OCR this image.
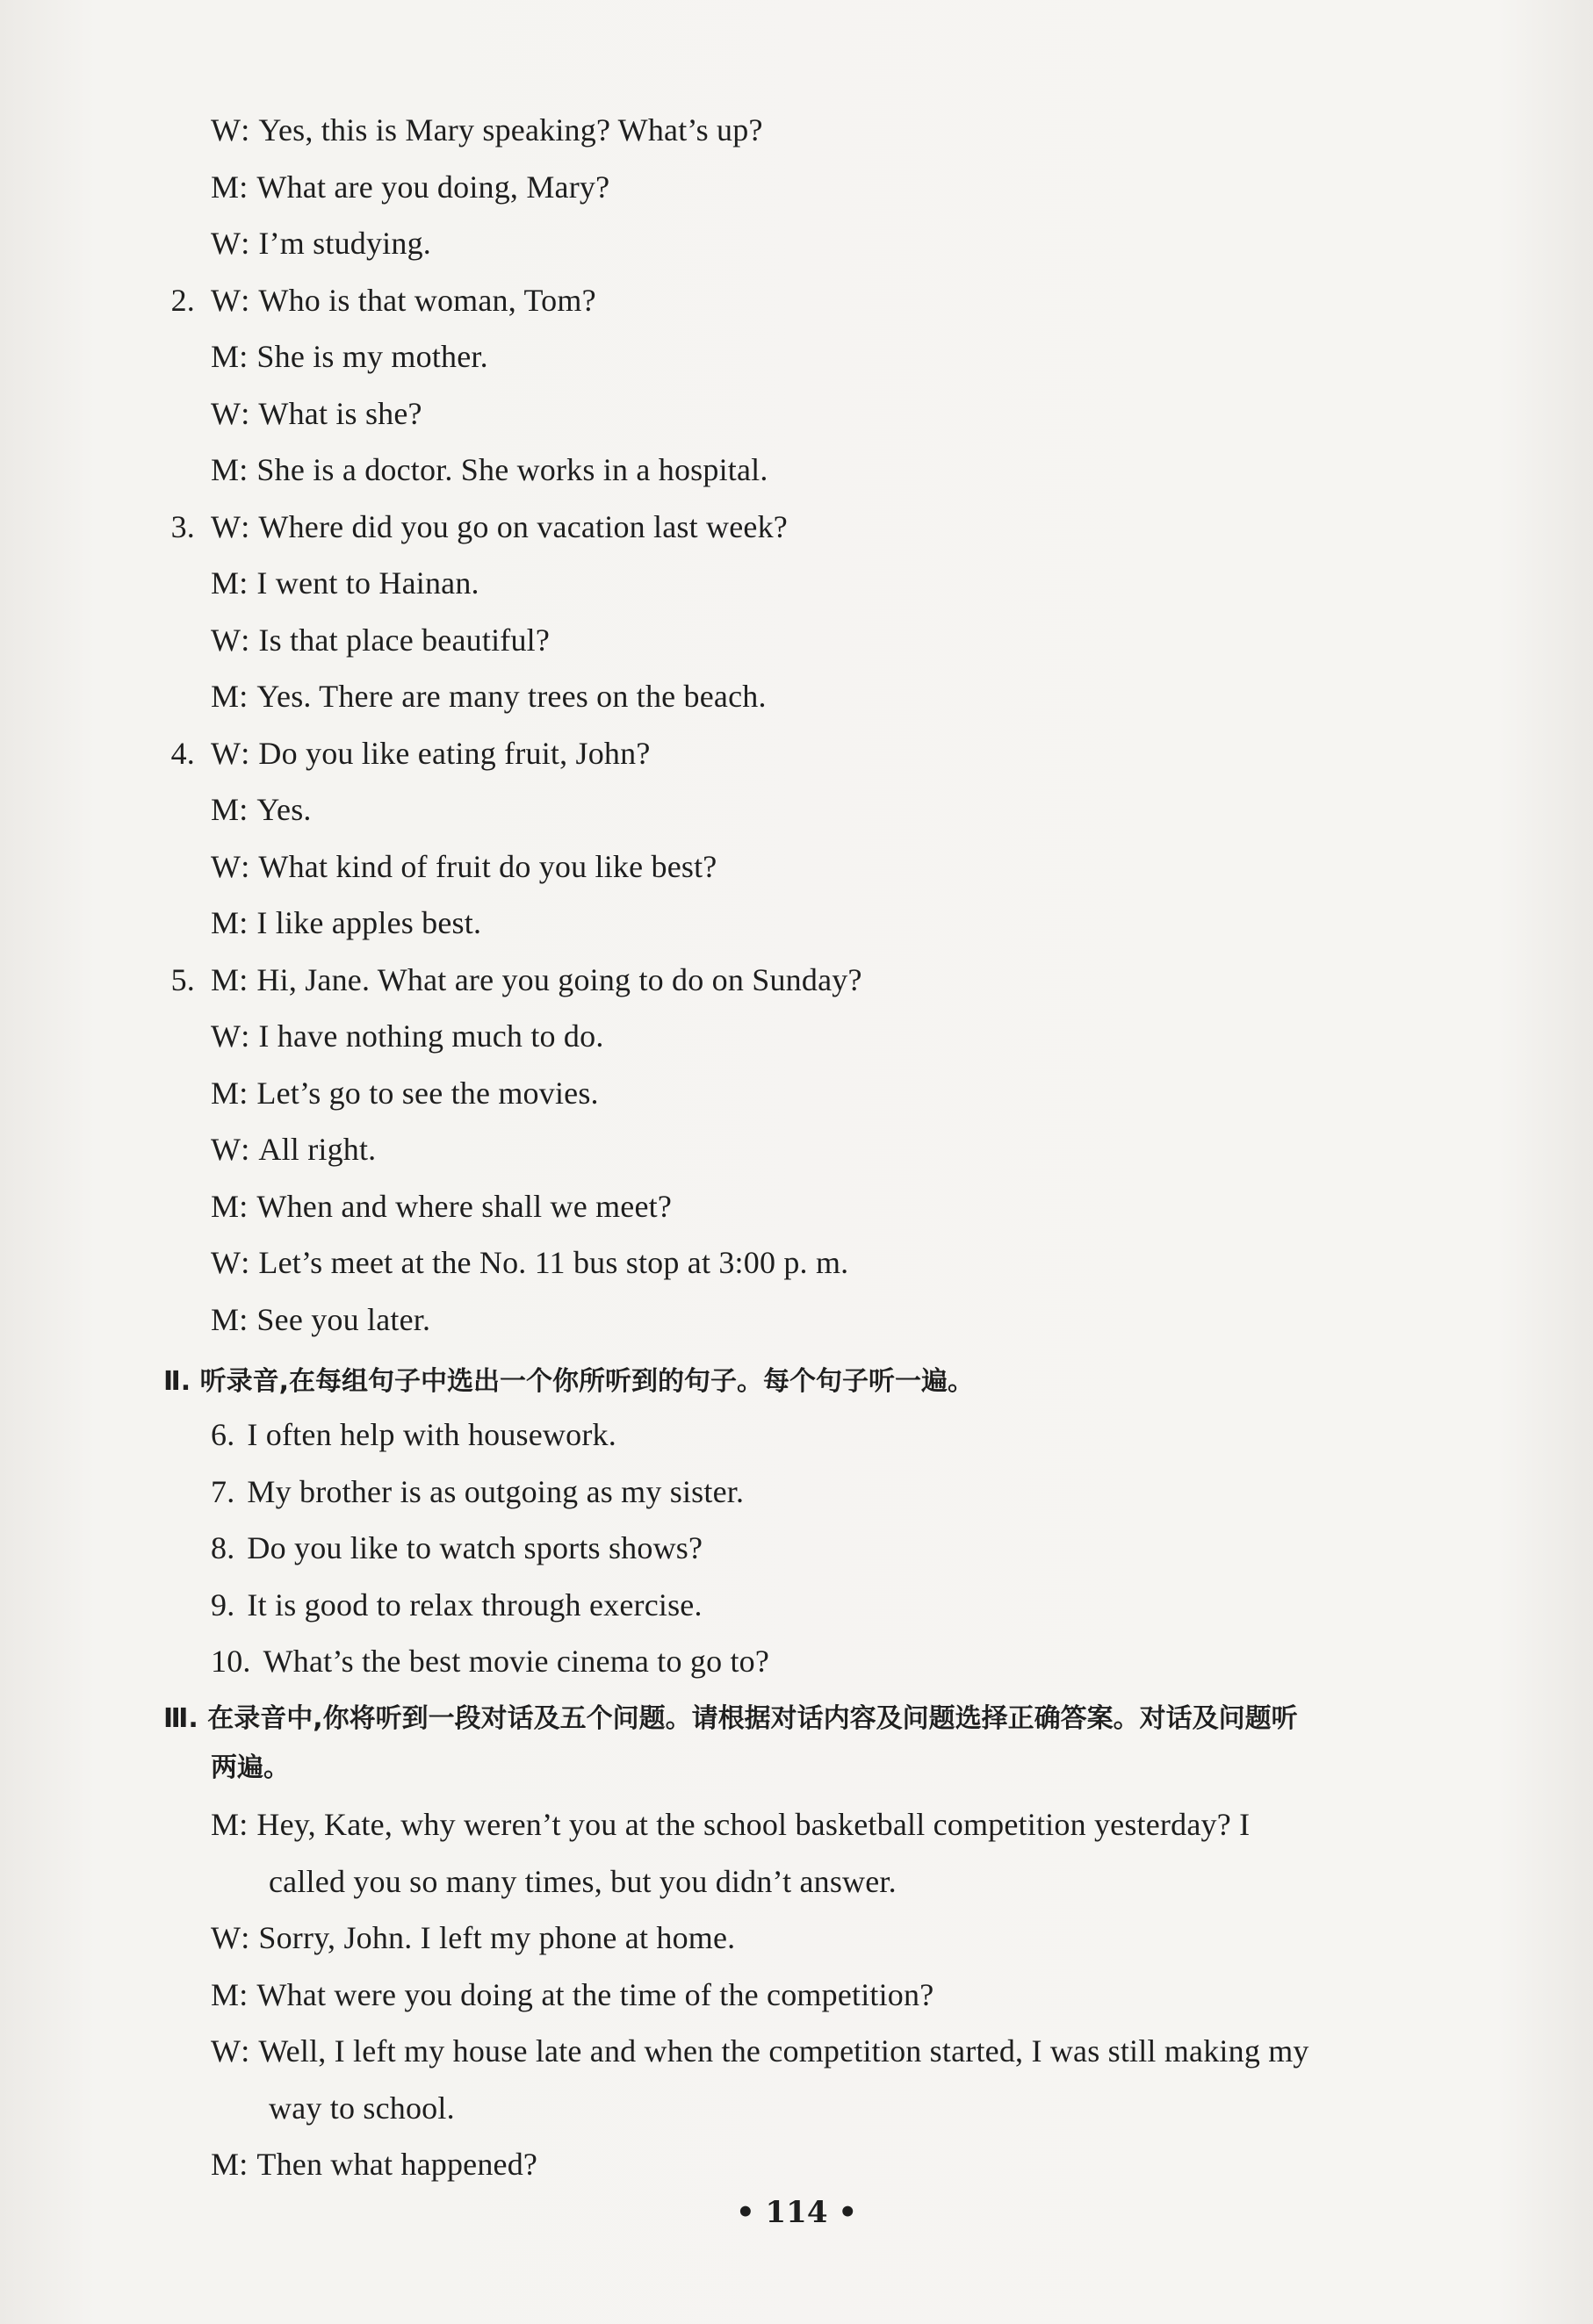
W: Yes, this is Mary speaking? What’s up?
M: What are you doing, Mary?
W: I’m studying.
2. W: Who is that woman, Tom?
M: She is my mother.
W: What is she?
M: She is a doctor. She works in a hospital.
3. W: Where did you go on vacation last week?
M: I went to Hainan.
W: Is that place beautiful?
M: Yes. There are many trees on the beach.
4. W: Do you like eating fruit, John?
M: Yes.
W: What kind of fruit do you like best?
M: I like apples best.
5. M: Hi, Jane. What are you going to do on Sunday?
W: I have nothing much to do.
M: Let’s go to see the movies.
W: All right.
M: When and where shall we meet?
W: Let’s meet at the No. 11 bus stop at 3:00 p. m.
M: See you later.
Ⅱ. 听录音,在每组句子中选出一个你所听到的句子。每个句子听一遍。
6. I often help with housework.
7. My brother is as outgoing as my sister.
8. Do you like to watch sports shows?
9. It is good to relax through exercise.
10. What’s the best movie cinema to go to?
Ⅲ. 在录音中,你将听到一段对话及五个问题。请根据对话内容及问题选择正确答案。对话及问题听
两遍。
M: Hey, Kate, why weren’t you at the school basketball competition yesterday? I
called you so many times, but you didn’t answer.
W: Sorry, John. I left my phone at home.
M: What were you doing at the time of the competition?
W: Well, I left my house late and when the competition started, I was still making my
way to school.
M: Then what happened?
• 114 •
